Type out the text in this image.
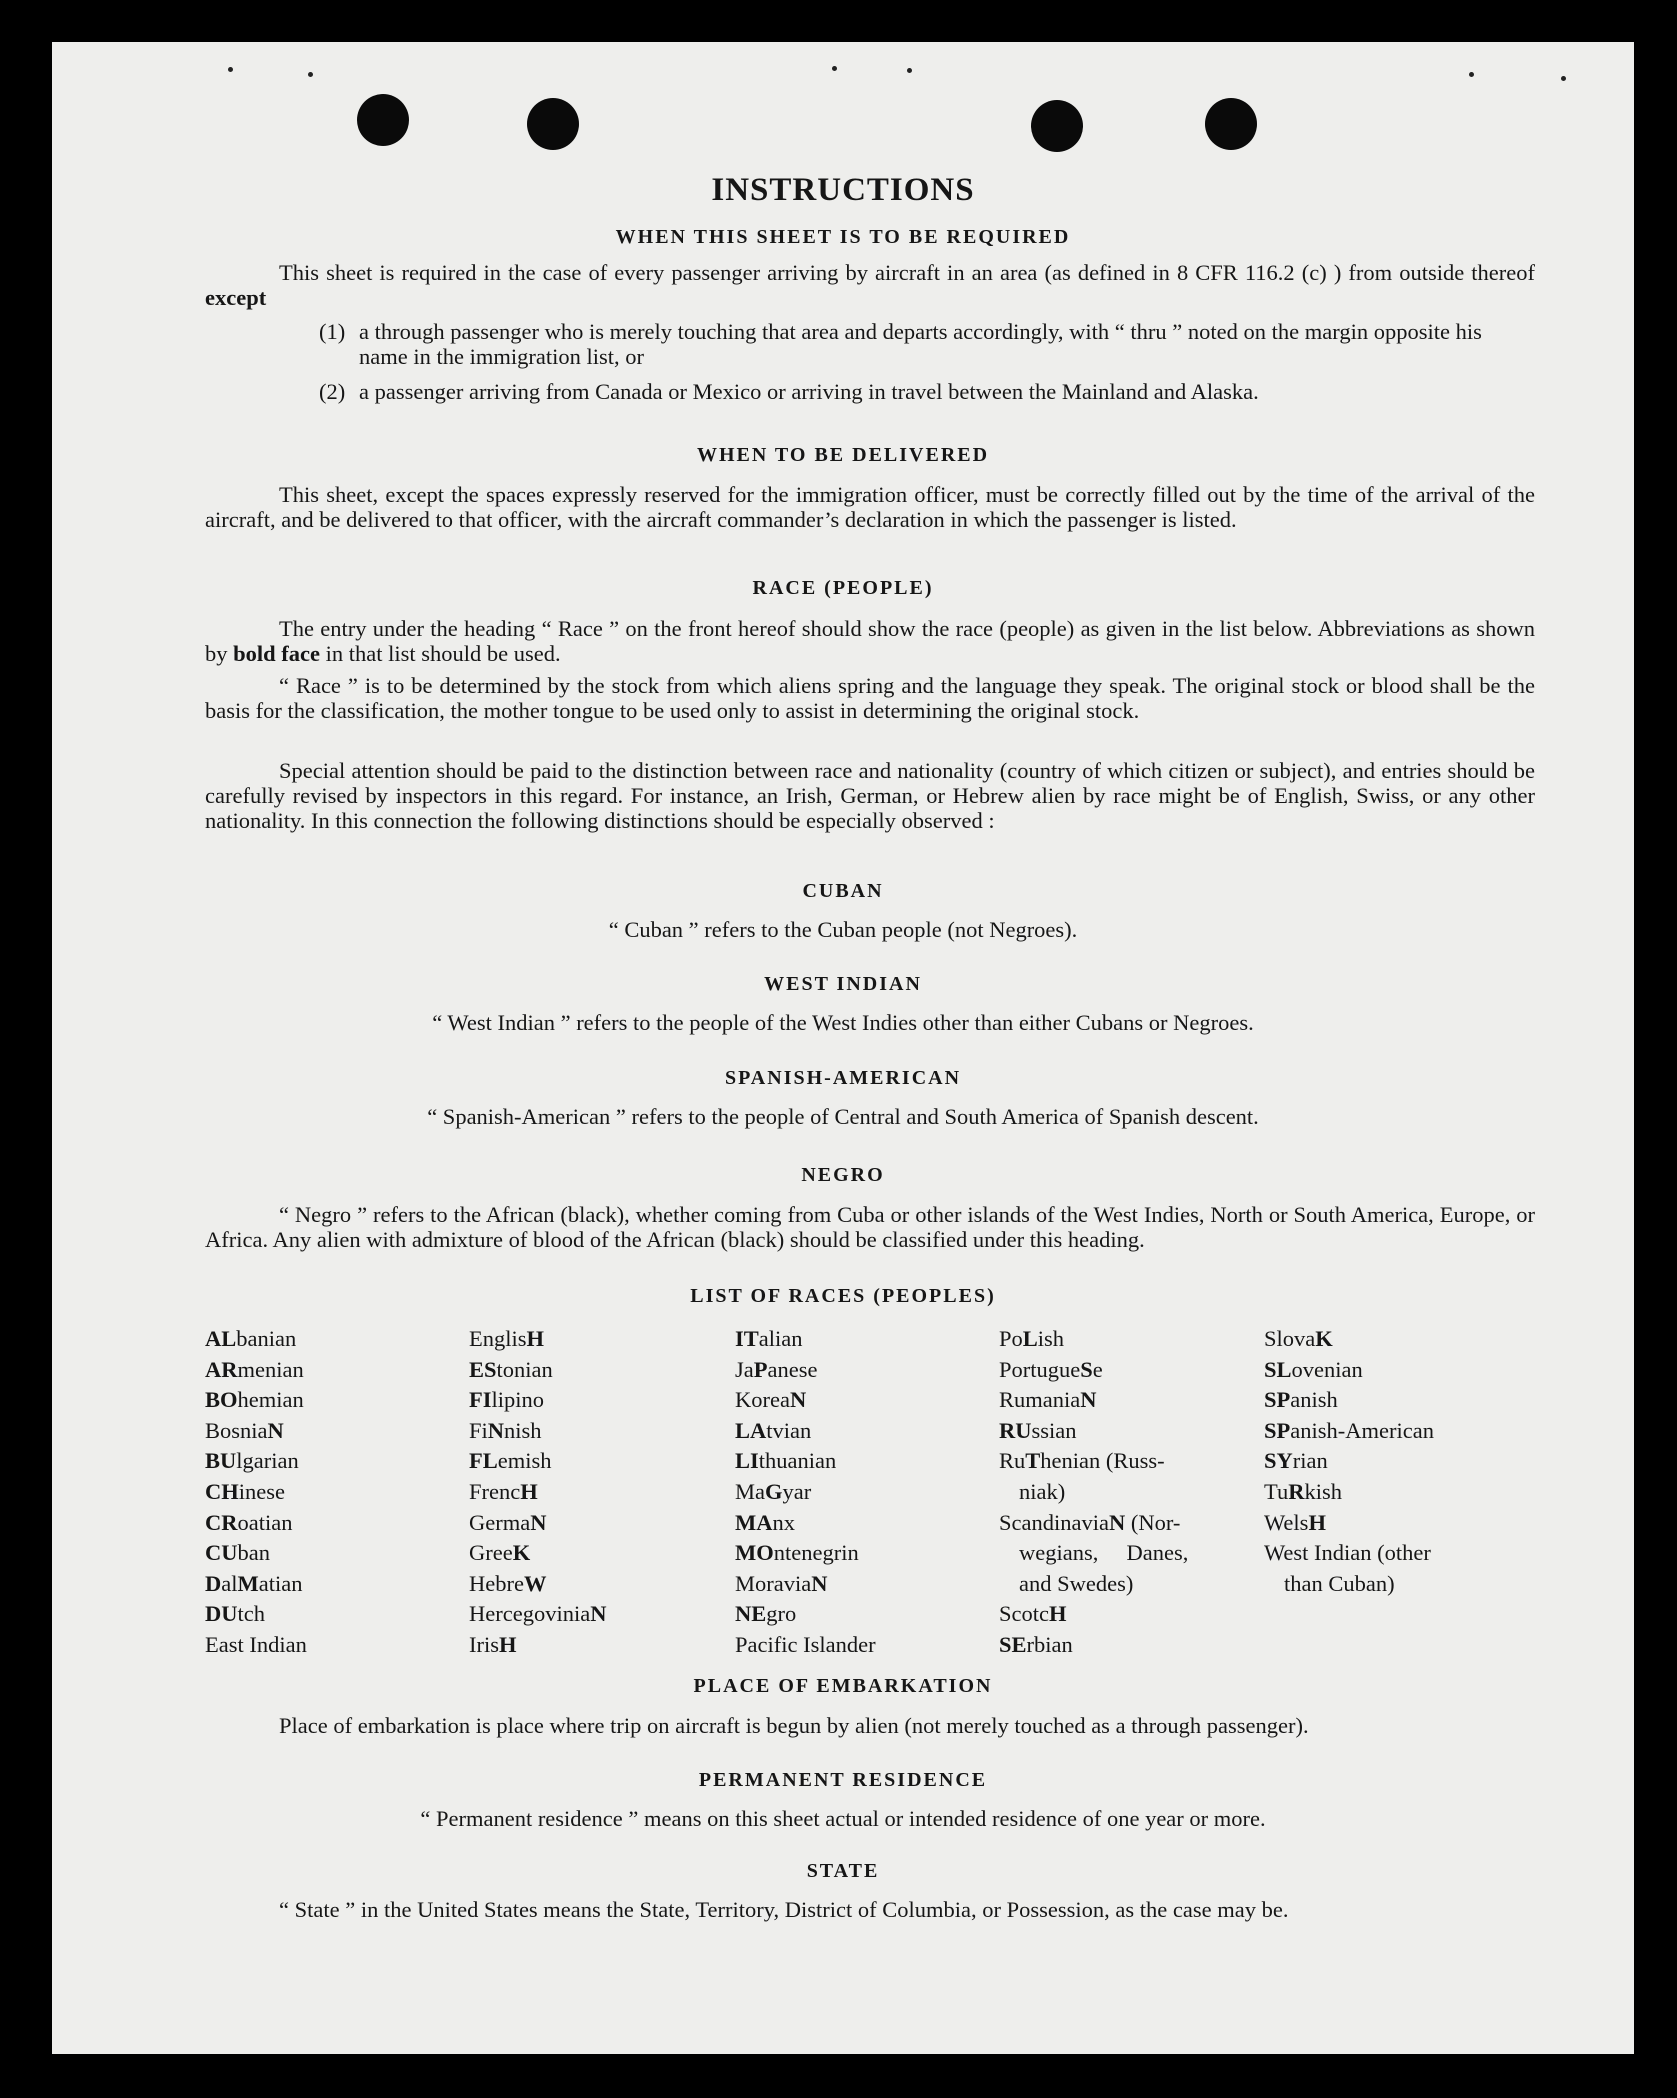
INSTRUCTIONS
WHEN THIS SHEET IS TO BE REQUIRED
This sheet is required in the case of every passenger arriving by aircraft in an area (as defined in 8 CFR 116.2 (c) ) from outside thereof except
(1) a through passenger who is merely touching that area and departs accordingly, with “ thru ” noted on the margin opposite his name in the immigration list, or
(2) a passenger arriving from Canada or Mexico or arriving in travel between the Mainland and Alaska.
WHEN TO BE DELIVERED
This sheet, except the spaces expressly reserved for the immigration officer, must be correctly filled out by the time of the arrival of the aircraft, and be delivered to that officer, with the aircraft commander’s declaration in which the passenger is listed.
RACE (PEOPLE)
The entry under the heading “ Race ” on the front hereof should show the race (people) as given in the list below. Abbreviations as shown by bold face in that list should be used.
“ Race ” is to be determined by the stock from which aliens spring and the language they speak. The original stock or blood shall be the basis for the classification, the mother tongue to be used only to assist in determining the original stock.
Special attention should be paid to the distinction between race and nationality (country of which citizen or subject), and entries should be carefully revised by inspectors in this regard. For instance, an Irish, German, or Hebrew alien by race might be of English, Swiss, or any other nationality. In this connection the following distinctions should be especially observed :
CUBAN
“ Cuban ” refers to the Cuban people (not Negroes).
WEST INDIAN
“ West Indian ” refers to the people of the West Indies other than either Cubans or Negroes.
SPANISH-AMERICAN
“ Spanish-American ” refers to the people of Central and South America of Spanish descent.
NEGRO
“ Negro ” refers to the African (black), whether coming from Cuba or other islands of the West Indies, North or South America, Europe, or Africa. Any alien with admixture of blood of the African (black) should be classified under this heading.
LIST OF RACES (PEOPLES)
ALbanian
ARmenian
BOhemian
BosniaN
BUlgarian
CHinese
CRoatian
CUban
DalMatian
DUtch
East Indian
EnglisH
EStonian
FIlipino
FiNnish
FLemish
FrencH
GermaN
GreeK
HebreW
HercegoviniaN
IrisH
ITalian
JaPanese
KoreaN
LAtvian
LIthuanian
MaGyar
MAnx
MOntenegrin
MoraviaN
NEgro
Pacific Islander
PoLish
PortugueSe
RumaniaN
RUssian
RuThenian (Russ-
niak)
ScandinaviaN (Nor-
wegians,     Danes,
and Swedes)
ScotcH
SErbian
SlovaK
SLovenian
SPanish
SPanish-American
SYrian
TuRkish
WelsH
West Indian (other
than Cuban)
PLACE OF EMBARKATION
Place of embarkation is place where trip on aircraft is begun by alien (not merely touched as a through passenger).
PERMANENT RESIDENCE
“ Permanent residence ” means on this sheet actual or intended residence of one year or more.
STATE
“ State ” in the United States means the State, Territory, District of Columbia, or Possession, as the case may be.
